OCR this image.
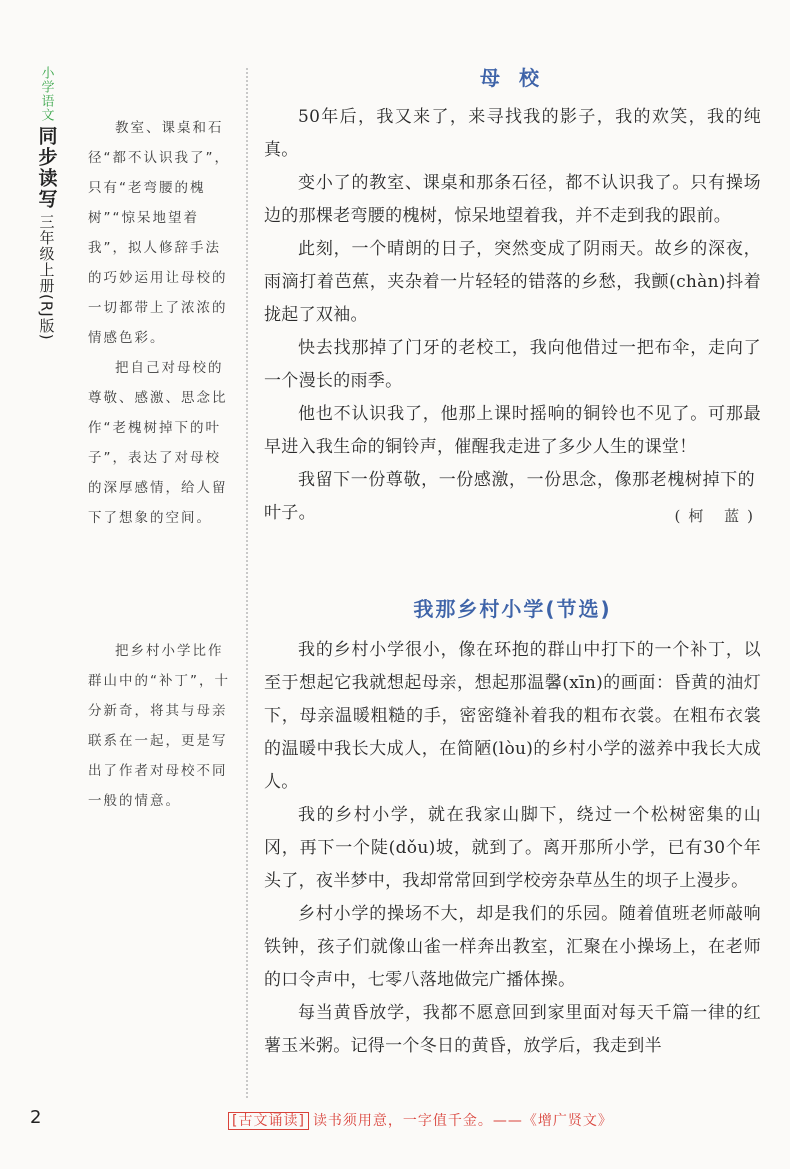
小学语文
同步读写
三年级上册(RJ版)

教室、课桌和石径“都不认识我了”，只有“老弯腰的槐树”“惊呆地望着我”，拟人修辞手法的巧妙运用让母校的一切都带上了浓浓的情感色彩。

把自己对母校的尊敬、感激、思念比作“老槐树掉下的叶子”，表达了对母校的深厚感情，给人留下了想象的空间。

把乡村小学比作群山中的“补丁”，十分新奇，将其与母亲联系在一起，更是写出了作者对母校不同一般的情意。

母 校

50年后，我又来了，来寻找我的影子，我的欢笑，我的纯真。

变小了的教室、课桌和那条石径，都不认识我了。只有操场边的那棵老弯腰的槐树，惊呆地望着我，并不走到我的跟前。

此刻，一个晴朗的日子，突然变成了阴雨天。故乡的深夜，雨滴打着芭蕉，夹杂着一片轻轻的错落的乡愁，我颤(chàn)抖着拢起了双袖。

快去找那掉了门牙的老校工，我向他借过一把布伞，走向了一个漫长的雨季。

他也不认识我了，他那上课时摇响的铜铃也不见了。可那最早进入我生命的铜铃声，催醒我走进了多少人生的课堂！

我留下一份尊敬，一份感激，一份思念，像那老槐树掉下的叶子。	(柯 蓝)
我那乡村小学(节选)

我的乡村小学很小，像在环抱的群山中打下的一个补丁，以至于想起它我就想起母亲，想起那温馨(xīn)的画面：昏黄的油灯下，母亲温暖粗糙的手，密密缝补着我的粗布衣裳。在粗布衣裳的温暖中我长大成人，在简陋(lòu)的乡村小学的滋养中我长大成人。

我的乡村小学，就在我家山脚下，绕过一个松树密集的山冈，再下一个陡(dǒu)坡，就到了。离开那所小学，已有30个年头了，夜半梦中，我却常常回到学校旁杂草丛生的坝子上漫步。

乡村小学的操场不大，却是我们的乐园。随着值班老师敲响铁钟，孩子们就像山雀一样奔出教室，汇聚在小操场上，在老师的口令声中，七零八落地做完广播体操。

每当黄昏放学，我都不愿意回到家里面对每天千篇一律的红薯玉米粥。记得一个冬日的黄昏，放学后，我走到半

2	[古文诵读] 读书须用意，一字值千金。——《增广贤文》
